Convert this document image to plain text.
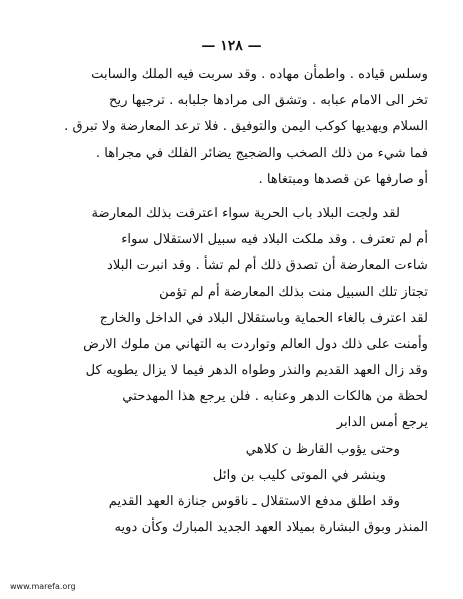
— ١٢٨ —
وسلس قياده . واطمأن مهاده . وقد سربت فيه الملك والسابت
تخر الى الامام عبابه . وتشق الى مرادها جلبابه . ترجيها ريح
السلام ويهديها كوكب اليمن والتوفيق . فلا ترعد المعارضة ولا تبرق .
فما شيء من ذلك الصخب والضجيج يضائر الفلك في مجراها .
أو صارفها عن قصدها ومبتغاها .
لقد ولجت البلاد باب الحرية سواء اعترفت بذلك المعارضة
أم لم تعترف . وقد ملكت البلاد فيه سبيل الاستقلال سواء
شاءت المعارضة أن تصدق ذلك أم لم تشأ . وقد انبرت البلاد
تجتاز تلك السبيل منت بذلك المعارضة أم لم تؤمن
لقد اعترف بالغاء الحماية وباستقلال البلاد في الداخل والخارج
وأمنت على ذلك دول العالم وتواردت به التهاني من ملوك الارض
وقد زال العهد القديم والنذر وطواه الدهر فيما لا يزال يطويه كل
لحظة من هالكات الدهر وعنابه . فلن يرجع هذا المهدحتي
يرجع أمس الدابر
وحتى يؤوب القارظ ن كلاهي
وينشر في الموتى كليب بن وائل
وقد اطلق مدفع الاستقلال ـ ناقوس جنازة العهد القديم
المنذر وبوق البشارة بميلاد العهد الجديد المبارك وكأن دويه
www.marefa.org
